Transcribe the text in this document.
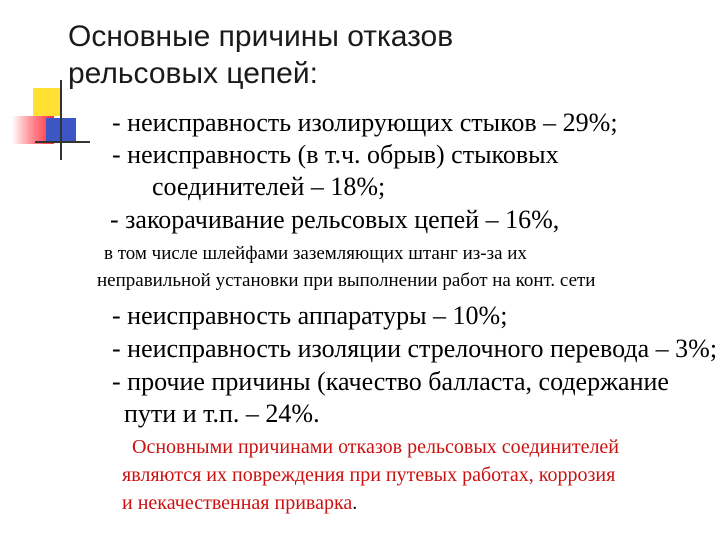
Основные причины отказов
рельсовых цепей:
- неисправность изолирующих стыков – 29%;
- неисправность (в т.ч. обрыв) стыковых
соединителей – 18%;
- закорачивание рельсовых цепей – 16%,
в том числе шлейфами заземляющих штанг из-за их
неправильной установки при выполнении работ на конт. сети
- неисправность аппаратуры – 10%;
- неисправность изоляции стрелочного перевода – 3%;
- прочие причины (качество балласта, содержание
пути и т.п. – 24%.
Основными причинами отказов рельсовых соединителей
являются их повреждения при путевых работах, коррозия
и некачественная приварка.
